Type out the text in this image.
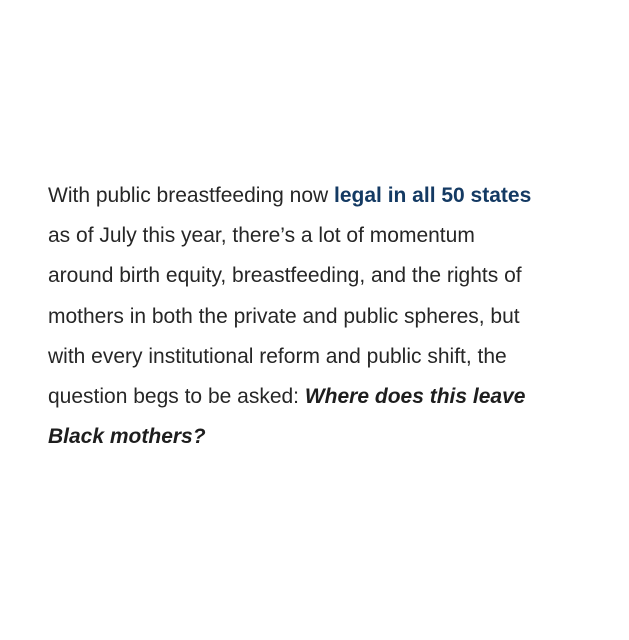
With public breastfeeding now legal in all 50 states
as of July this year, there’s a lot of momentum
around birth equity, breastfeeding, and the rights of
mothers in both the private and public spheres, but
with every institutional reform and public shift, the
question begs to be asked: Where does this leave
Black mothers?
